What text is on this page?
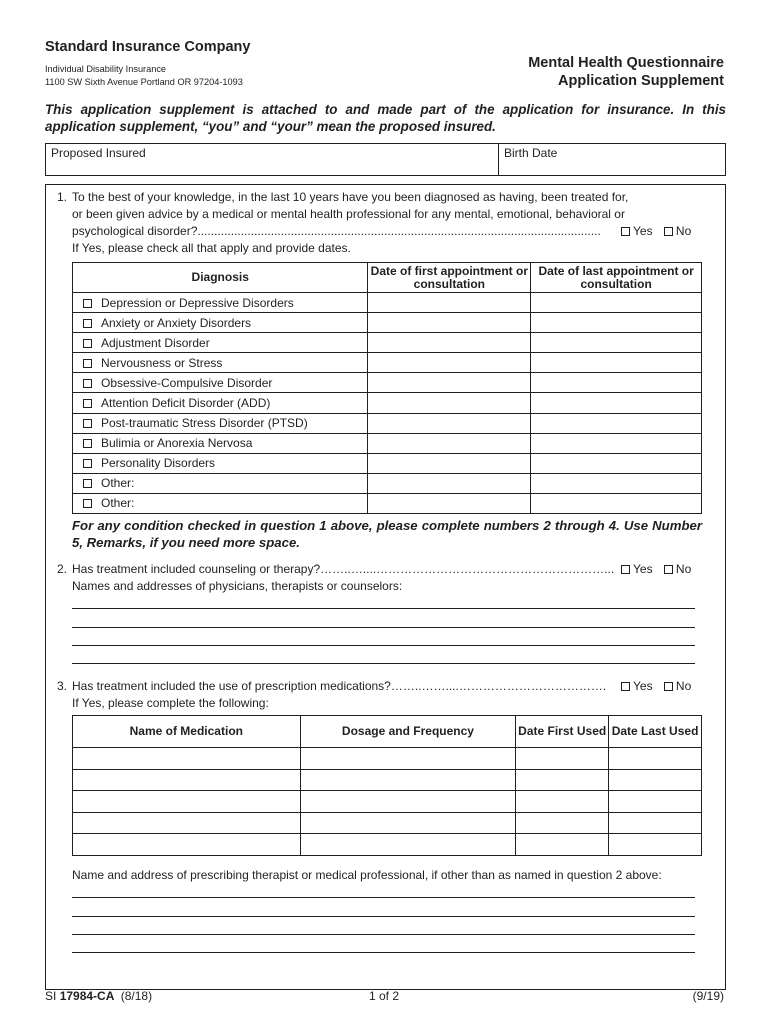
Standard Insurance Company
Individual Disability Insurance
1100 SW Sixth Avenue Portland OR 97204-1093
Mental Health Questionnaire
Application Supplement
This application supplement is attached to and made part of the application for insurance. In this application supplement, “you” and “your” mean the proposed insured.
Proposed Insured	Birth Date
1. To the best of your knowledge, in the last 10 years have you been diagnosed as having, been treated for,
or been given advice by a medical or mental health professional for any mental, emotional, behavioral or
psychological disorder?.........................................................................................................................	Yes No
If Yes, please check all that apply and provide dates.
Diagnosis	Date of first appointment or consultation	Date of last appointment or consultation
Depression or Depressive Disorders		
Anxiety or Anxiety Disorders		
Adjustment Disorder		
Nervousness or Stress		
Obsessive-Compulsive Disorder		
Attention Deficit Disorder (ADD)		
Post-traumatic Stress Disorder (PTSD)		
Bulimia or Anorexia Nervosa		
Personality Disorders		
Other:		
Other:		
For any condition checked in question 1 above, please complete numbers 2 through 4. Use Number 5, Remarks, if you need more space.
2. Has treatment included counseling or therapy?……..…....…………………………………………………...	Yes No
Names and addresses of physicians, therapists or counselors:
3. Has treatment included the use of prescription medications?……..……....……………………………….	Yes No
If Yes, please complete the following:
Name of Medication	Dosage and Frequency	Date First Used	Date Last Used

Name and address of prescribing therapist or medical professional, if other than as named in question 2 above:
SI 17984-CA (8/18)	1 of 2	(9/19)
